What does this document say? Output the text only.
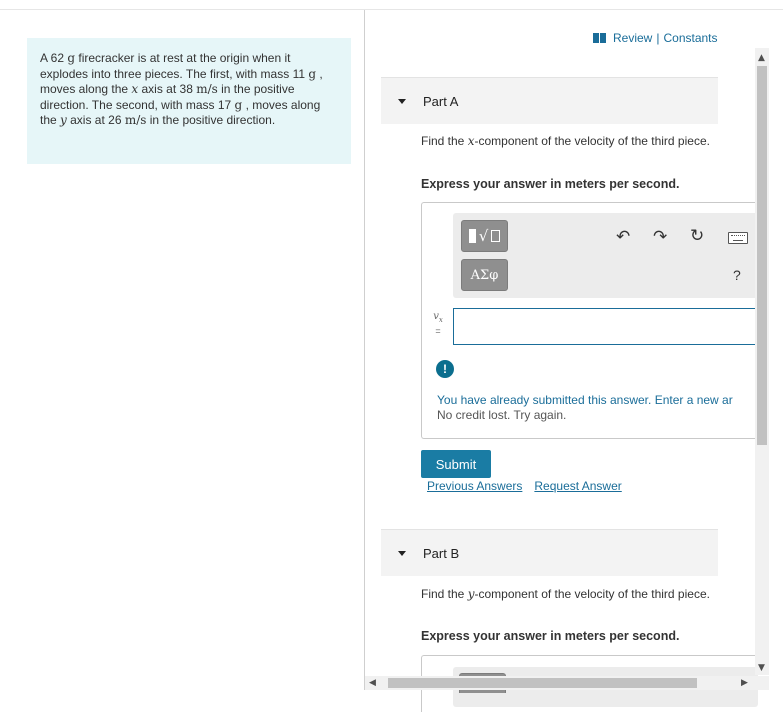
A 62 g firecracker is at rest at the origin when it explodes into three pieces. The first, with mass 11 g , moves along the x axis at 38 m/s in the positive direction. The second, with mass 17 g , moves along the y axis at 26 m/s in the positive direction.
Review | Constants
Part A
Find the x-component of the velocity of the third piece.
Express your answer in meters per second.
√
ΑΣφ
↶ ↷ ↻
?
$v_x$
=
!
You have already submitted this answer. Enter a new ar
No credit lost. Try again.
Submit
Previous Answers Request Answer
Part B
Find the y-component of the velocity of the third piece.
Express your answer in meters per second.
▲
▼
◀	▶
